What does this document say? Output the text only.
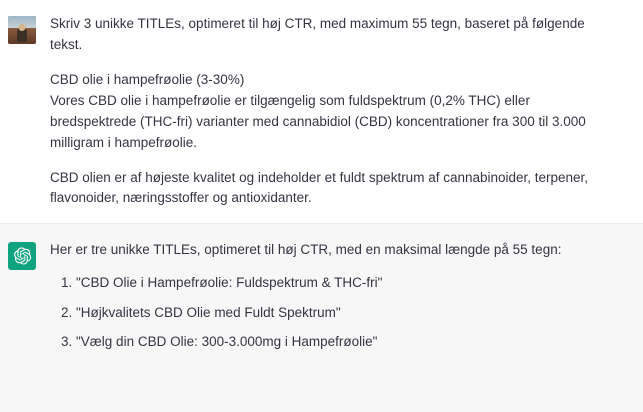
Skriv 3 unikke TITLEs, optimeret til høj CTR, med maximum 55 tegn, baseret på følgende tekst.

CBD olie i hampefrøolie (3-30%)

Vores CBD olie i hampefrøolie er tilgængelig som fuldspektrum (0,2% THC) eller bredspektrede (THC-fri) varianter med cannabidiol (CBD) koncentrationer fra 300 til 3.000 milligram i hampefrøolie.

CBD olien er af højeste kvalitet og indeholder et fuldt spektrum af cannabinoider, terpener, flavonoider, næringsstoffer og antioxidanter.

Her er tre unikke TITLEs, optimeret til høj CTR, med en maksimal længde på 55 tegn:

1. "CBD Olie i Hampefrøolie: Fuldspektrum & THC-fri"
2. "Højkvalitets CBD Olie med Fuldt Spektrum"
3. "Vælg din CBD Olie: 300-3.000mg i Hampefrøolie"
